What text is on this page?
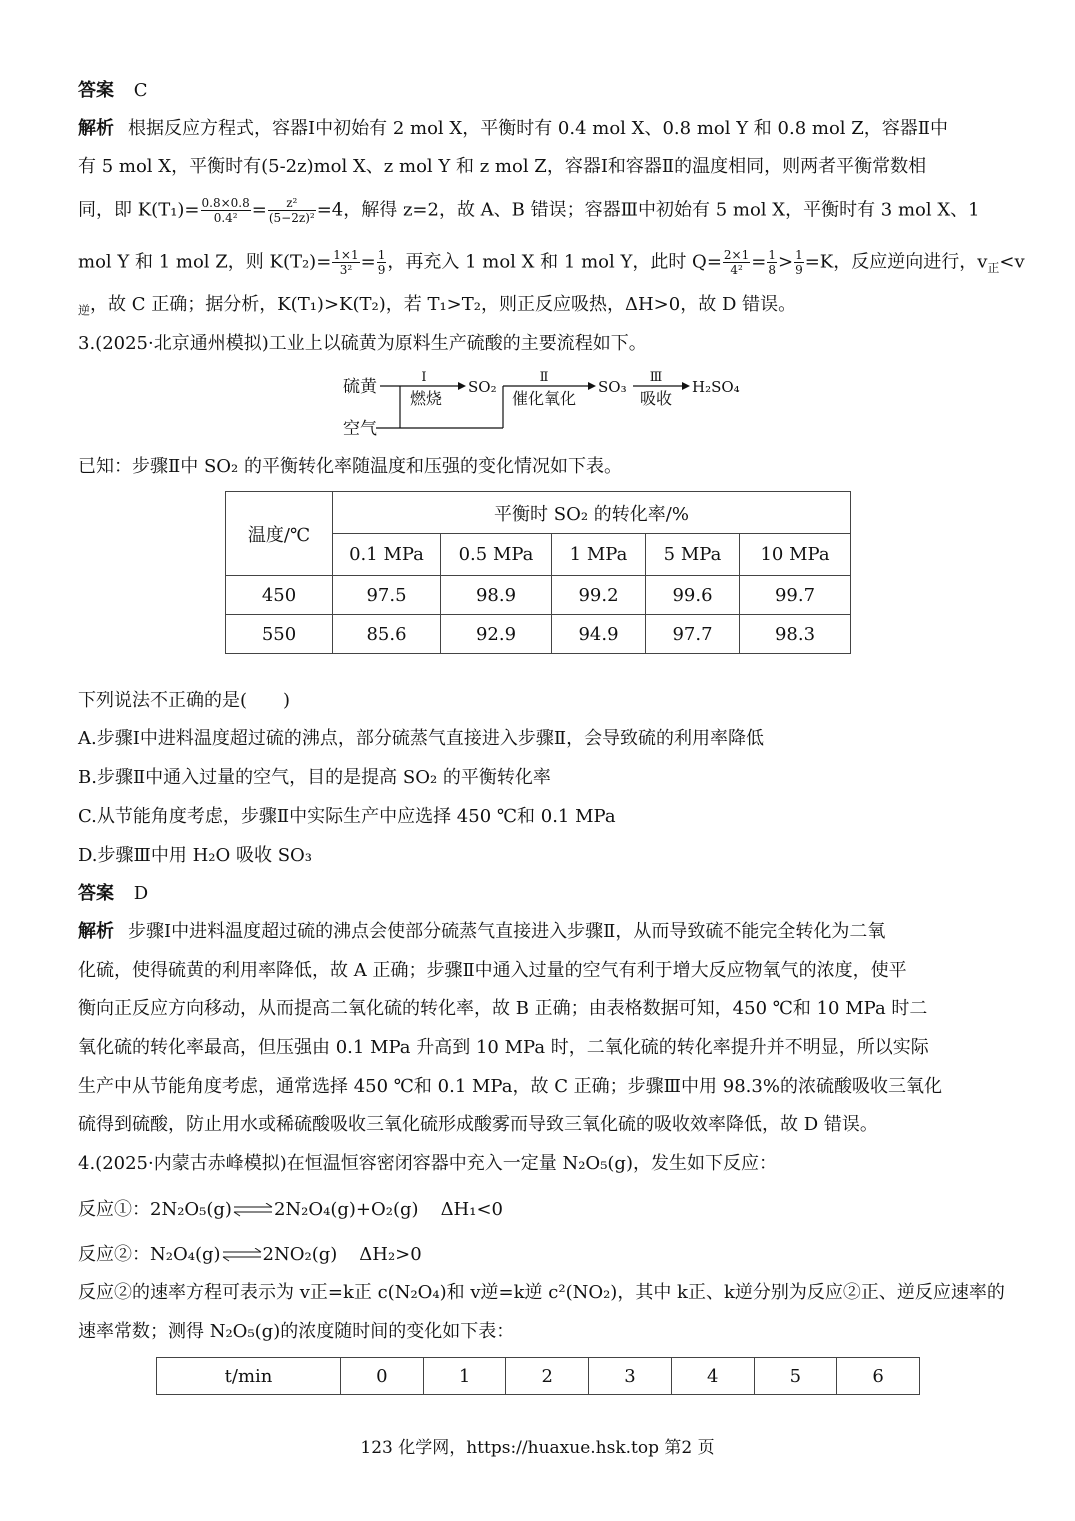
答案 C
解析 根据反应方程式，容器Ⅰ中初始有 2 mol X，平衡时有 0.4 mol X、0.8 mol Y 和 0.8 mol Z，容器Ⅱ中
有 5 mol X，平衡时有(5-2z)mol X、z mol Y 和 z mol Z，容器Ⅰ和容器Ⅱ的温度相同，则两者平衡常数相
同，即 $K(T_1)= \frac{0.8\times 0.8}{\text{0.4²}} = \frac{\text{z²}}{\text{(5−2z)²}} =4$，解得 z=2，故 A、B 错误；容器Ⅲ中初始有 5 mol X，平衡时有 3 mol X、1
mol Y 和 1 mol Z，则 $K(T_2)= \frac{1\times 1}{\text{3²}} = \frac{1}{9}$ ，再充入 1 mol X 和 1 mol Y，此时 $Q= \frac{2\times 1}{\text{4²}} = \frac{1}{8} > \frac{1}{9} =K$，反应逆向进行，$v_正<v$
$_逆$，故 C 正确；据分析，K(T₁)>K(T₂)，若 T₁>T₂，则正反应吸热，ΔH>0，故 D 错误。
3.(2025·北京通州模拟)工业上以硫黄为原料生产硫酸的主要流程如下。
硫黄
空气
Ⅰ
燃烧
SO₂
Ⅱ
催化氧化
SO₃
Ⅲ
吸收
H₂SO₄
已知：步骤Ⅱ中 SO₂ 的平衡转化率随温度和压强的变化情况如下表。
温度/℃	平衡时 SO₂ 的转化率/%				
	0.1 MPa	0.5 MPa	1 MPa	5 MPa	10 MPa
450	97.5	98.9	99.2	99.6	99.7
550	85.6	92.9	94.9	97.7	98.3
下列说法不正确的是(　　)
A.步骤Ⅰ中进料温度超过硫的沸点，部分硫蒸气直接进入步骤Ⅱ，会导致硫的利用率降低
B.步骤Ⅱ中通入过量的空气，目的是提高 SO₂ 的平衡转化率
C.从节能角度考虑，步骤Ⅱ中实际生产中应选择 450 ℃和 0.1 MPa
D.步骤Ⅲ中用 H₂O 吸收 SO₃
答案 D
解析 步骤Ⅰ中进料温度超过硫的沸点会使部分硫蒸气直接进入步骤Ⅱ，从而导致硫不能完全转化为二氧
化硫，使得硫黄的利用率降低，故 A 正确；步骤Ⅱ中通入过量的空气有利于增大反应物氧气的浓度，使平
衡向正反应方向移动，从而提高二氧化硫的转化率，故 B 正确；由表格数据可知，450 ℃和 10 MPa 时二
氧化硫的转化率最高，但压强由 0.1 MPa 升高到 10 MPa 时，二氧化硫的转化率提升并不明显，所以实际
生产中从节能角度考虑，通常选择 450 ℃和 0.1 MPa，故 C 正确；步骤Ⅲ中用 98.3%的浓硫酸吸收三氧化
硫得到硫酸，防止用水或稀硫酸吸收三氧化硫形成酸雾而导致三氧化硫的吸收效率降低，故 D 错误。
4.(2025·内蒙古赤峰模拟)在恒温恒容密闭容器中充入一定量 N₂O₅(g)，发生如下反应：
反应①：2N₂O₅(g)⇌2N₂O₄(g)+O₂(g) ΔH₁<0
反应②：N₂O₄(g)⇌2NO₂(g) ΔH₂>0
反应②的速率方程可表示为 v正=k正 c(N₂O₄)和 v逆=k逆 c²(NO₂)，其中 k正、k逆分别为反应②正、逆反应速率的
速率常数；测得 N₂O₅(g)的浓度随时间的变化如下表：
t/min	0	1	2	3	4	5	6
123 化学网，https://huaxue.hsk.top 第2 页
